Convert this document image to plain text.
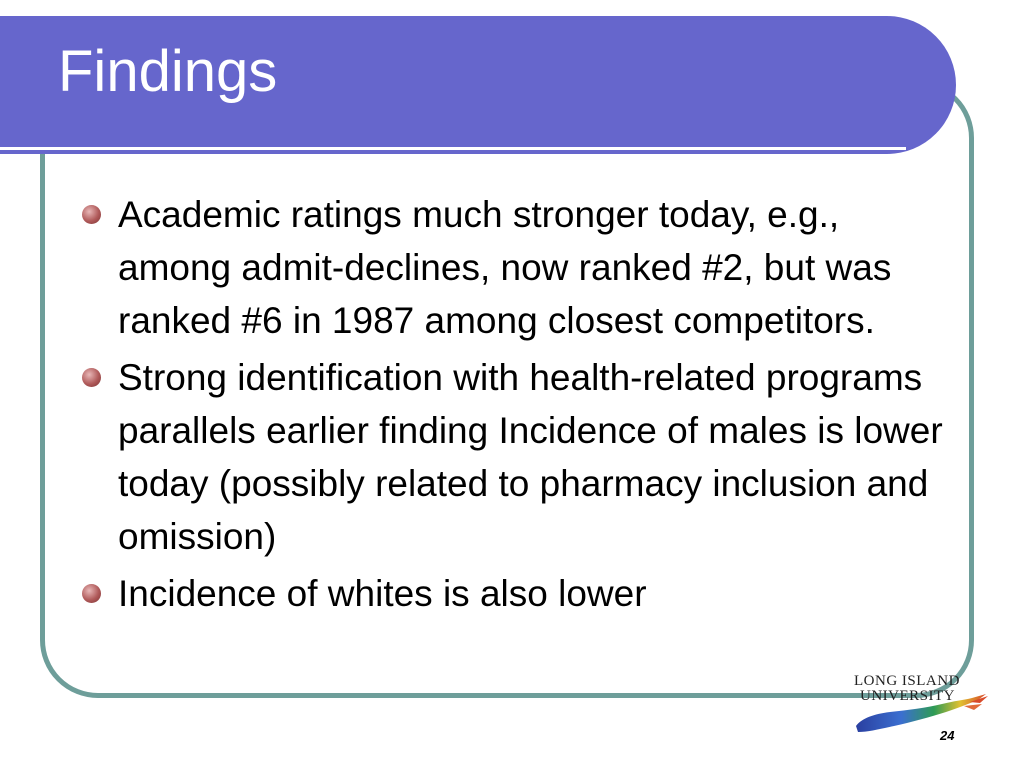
Findings
Academic ratings much stronger today, e.g., among admit-declines, now ranked #2, but was ranked #6 in 1987 among closest competitors.
Strong identification with health-related programs parallels earlier finding Incidence of males is lower today (possibly related to pharmacy inclusion and omission)
Incidence of whites is also lower
LONG ISLAND
UNIVERSITY
24
